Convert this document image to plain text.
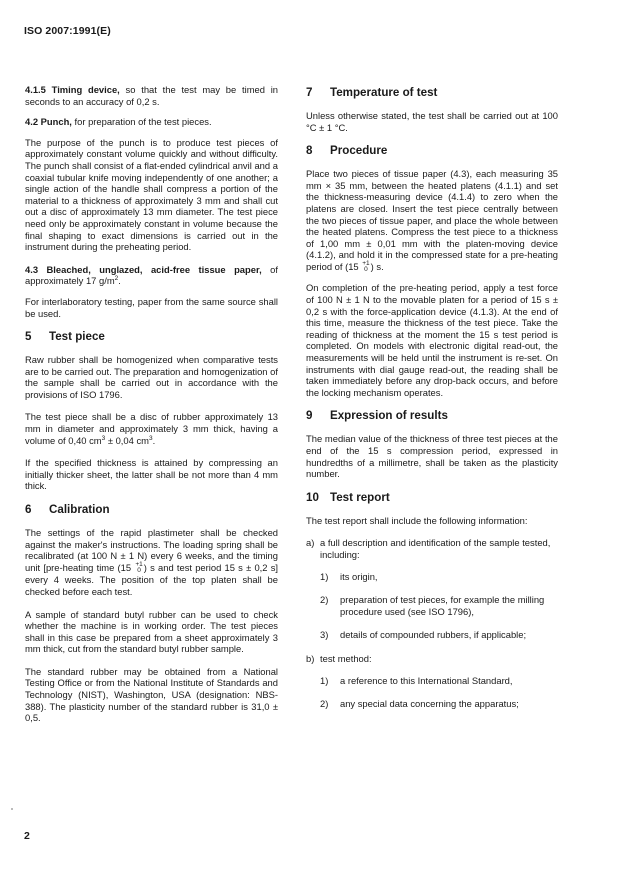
ISO 2007:1991(E)

4.1.5 Timing device, so that the test may be timed in seconds to an accuracy of 0,2 s.

4.2 Punch, for preparation of the test pieces.

The purpose of the punch is to produce test pieces of approximately constant volume quickly and without difficulty. The punch shall consist of a flat-ended cylindrical anvil and a coaxial tubular knife moving independently of one another; a single action of the handle shall compress a portion of the material to a thickness of approximately 3 mm and shall cut out a disc of approximately 13 mm diameter. The test piece need only be approximately constant in volume because the final shaping to exact dimensions is carried out in the instrument during the preheating period.

4.3 Bleached, unglazed, acid-free tissue paper, of approximately 17 $g/m^2$.

For interlaboratory testing, paper from the same source shall be used.

5	Test piece

Raw rubber shall be homogenized when comparative tests are to be carried out. The preparation and homogenization of the sample shall be carried out in accordance with the provisions of ISO 1796.

The test piece shall be a disc of rubber approximately 13 mm in diameter and approximately 3 mm thick, having a volume of 0,40 $cm^3 \pm 0,04$ $cm^3$.

If the specified thickness is attained by compressing an initially thicker sheet, the latter shall be not more than 4 mm thick.

6	Calibration

The settings of the rapid plastimeter shall be checked against the maker's instructions. The loading spring shall be recalibrated (at 100 N ± 1 N) every 6 weeks, and the timing unit [pre-heating time (15 +1
0 ) s and test period 15 s ± 0,2 s] every 4 weeks. The position of the top platen shall be checked before each test.

A sample of standard butyl rubber can be used to check whether the machine is in working order. The test pieces shall in this case be prepared from a sheet approximately 3 mm thick, cut from the standard butyl rubber sample.

The standard rubber may be obtained from a National Testing Office or from the National Institute of Standards and Technology (NIST), Washington, USA (designation: NBS-388). The plasticity number of the standard rubber is 31,0 ± 0,5.

7	Temperature of test

Unless otherwise stated, the test shall be carried out at 100 °C ± 1 °C.

8	Procedure

Place two pieces of tissue paper (4.3), each measuring 35 mm × 35 mm, between the heated platens (4.1.1) and set the thickness-measuring device (4.1.4) to zero when the platens are closed. Insert the test piece centrally between the two pieces of tissue paper, and place the whole between the heated platens. Compress the test piece to a thickness of 1,00 mm ± 0,01 mm with the platen-moving device (4.1.2), and hold it in the compressed state for a pre-heating period of (15 +1
0 ) s.

On completion of the pre-heating period, apply a test force of 100 N ± 1 N to the movable platen for a period of 15 s ± 0,2 s with the force-application device (4.1.3). At the end of this time, measure the thickness of the test piece. Take the reading of thickness at the moment the 15 s test period is completed. On models with electronic digital read-out, the measurements will be held until the instrument is re-set. On instruments with dial gauge read-out, the reading shall be taken immediately before any drop-back occurs, and before the locking mechanism operates.

9	Expression of results

The median value of the thickness of three test pieces at the end of the 15 s compression period, expressed in hundredths of a millimetre, shall be taken as the plasticity number.

10 Test report

The test report shall include the following information:

a) a full description and identification of the sample tested, including:
1)	its origin,
2)	preparation of test pieces, for example the milling procedure used (see ISO 1796),
3)	details of compounded rubbers, if applicable;
b) test method:
1)	a reference to this International Standard,
2)	any special data concerning the apparatus;
2
